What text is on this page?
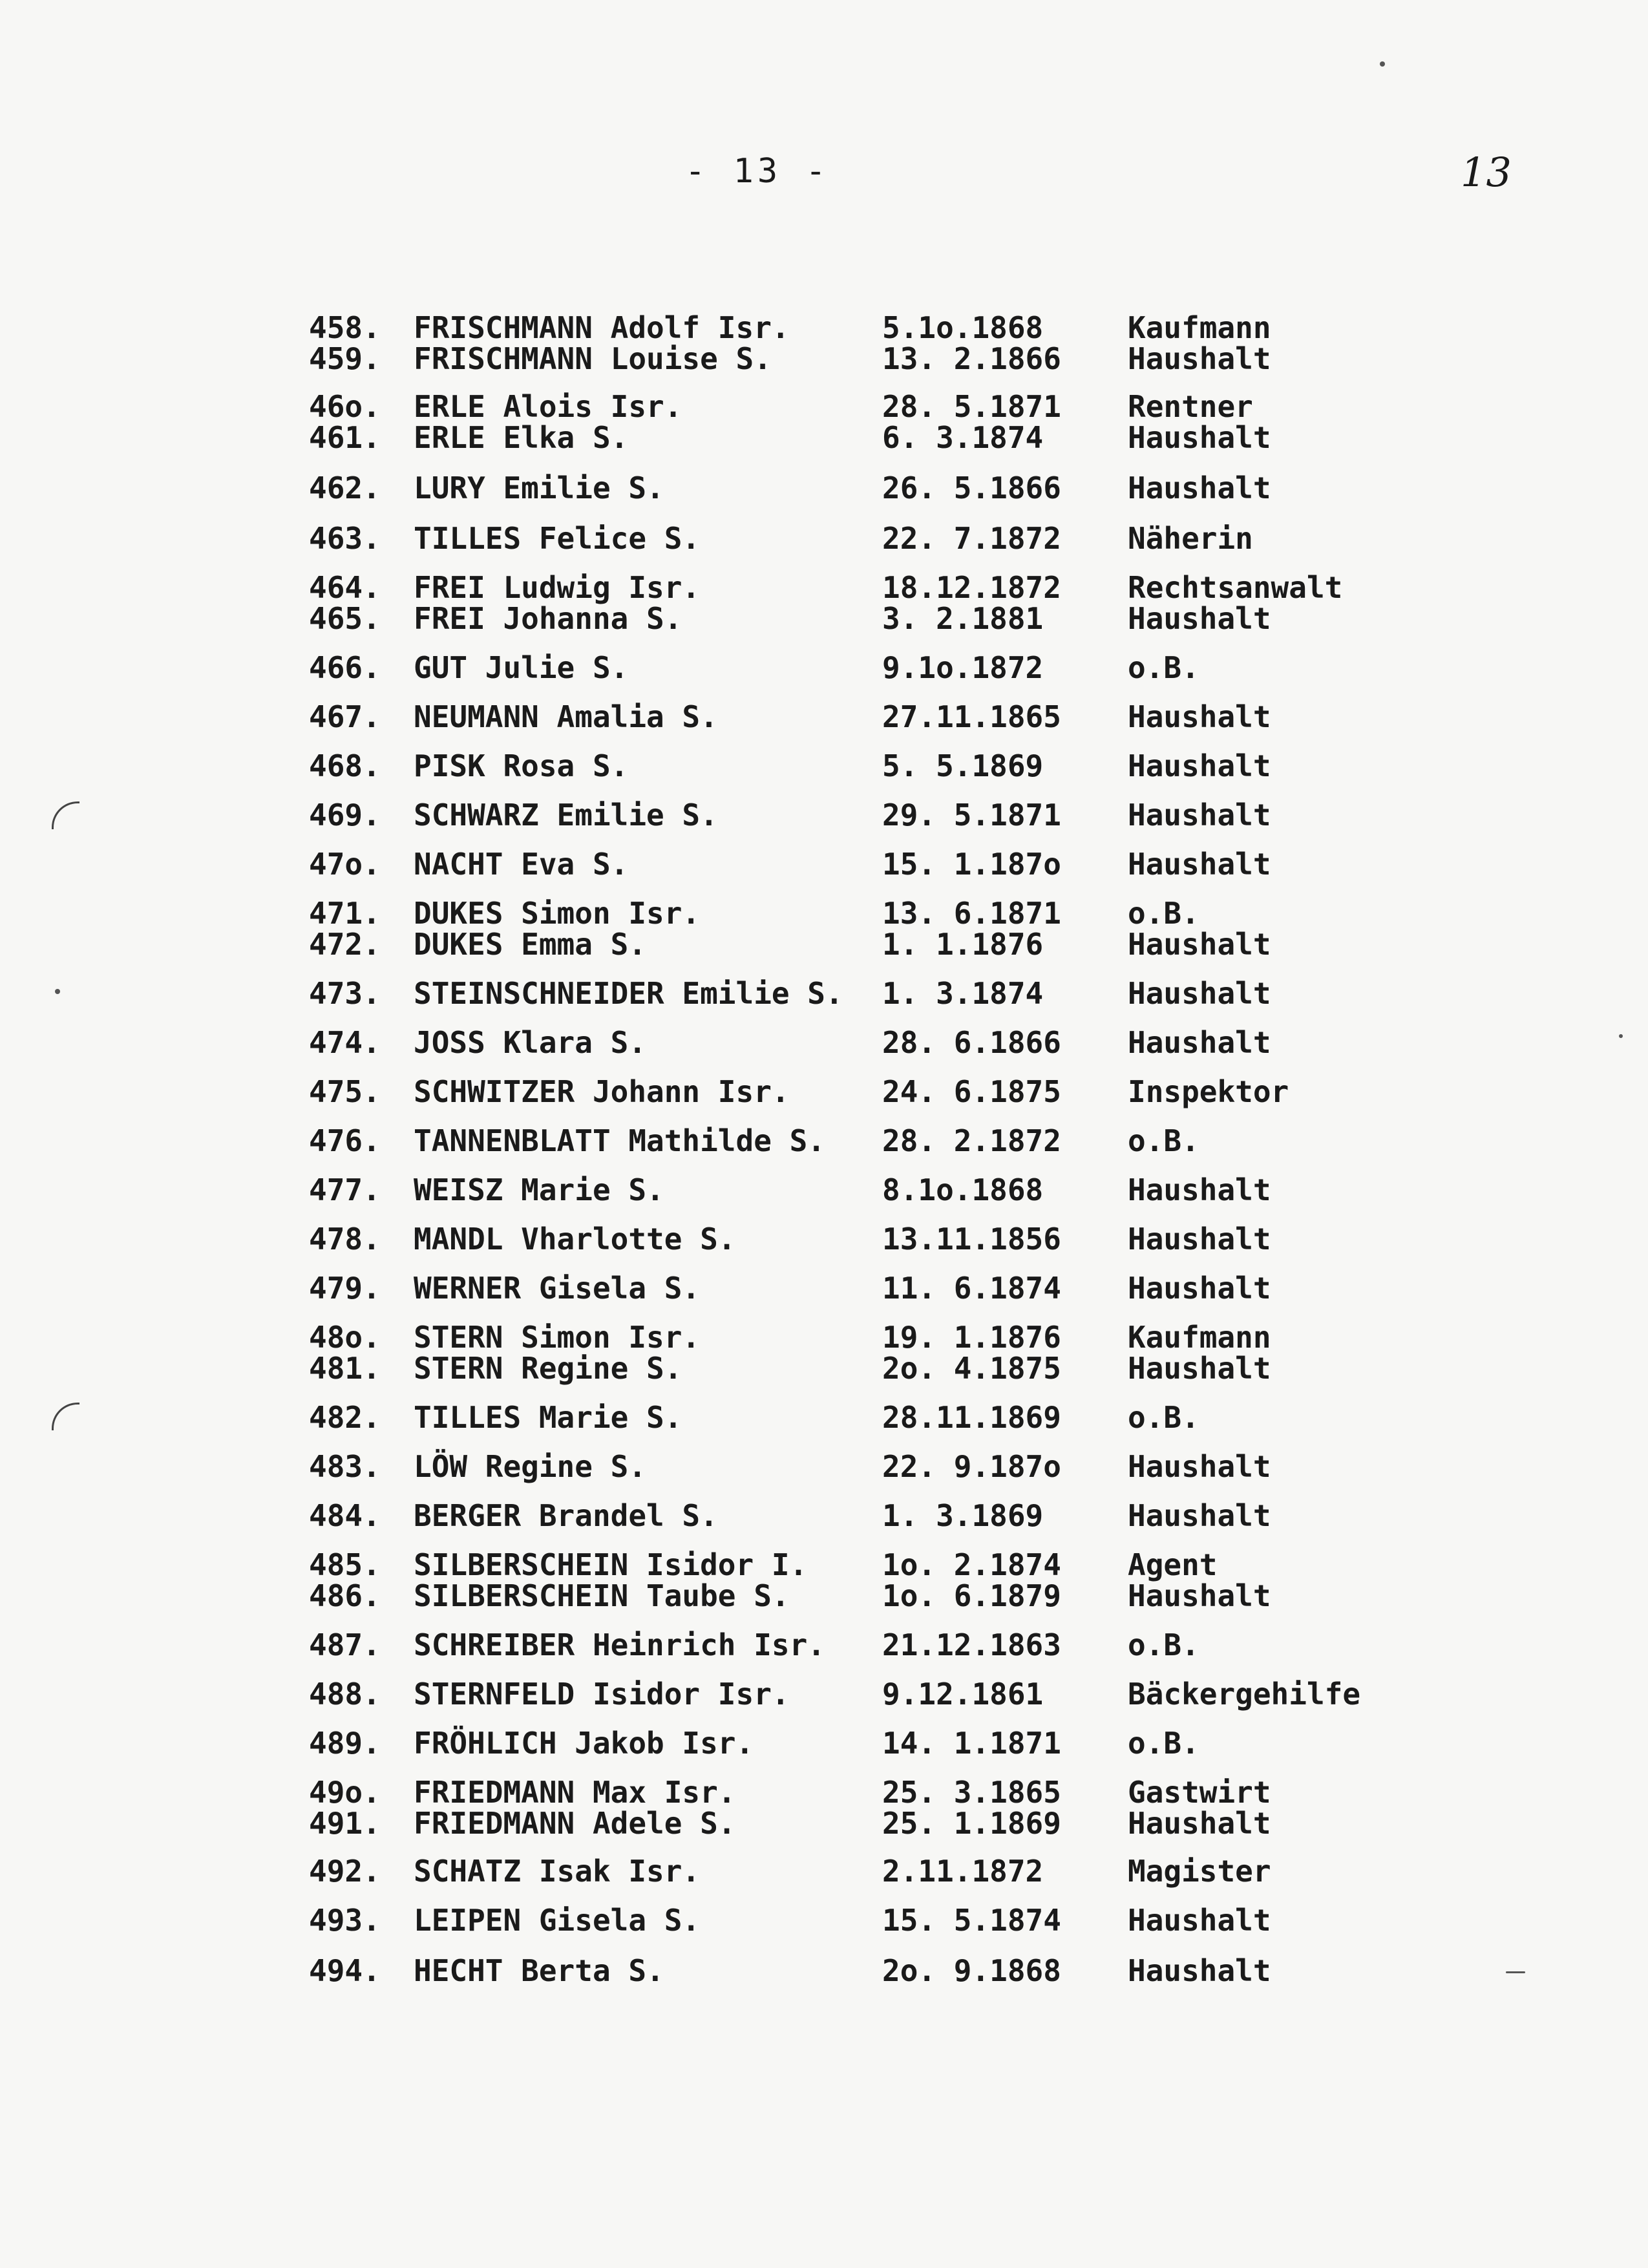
- 13 -	13
458. FRISCHMANN Adolf Isr.	5.1o.1868	Kaufmann
459. FRISCHMANN Louise S.	13. 2.1866 Haushalt
46o. ERLE Alois Isr.	28. 5.1871 Rentner
461. ERLE Elka S.	6. 3.1874	Haushalt
462. LURY Emilie S.	26. 5.1866 Haushalt
463. TILLES Felice S.	22. 7.1872 Näherin
464. FREI Ludwig Isr.	18.12.1872 Rechtsanwalt
465. FREI Johanna S.	3. 2.1881	Haushalt
466. GUT Julie S.	9.1o.1872	o.B.
467. NEUMANN Amalia S.	27.11.1865 Haushalt
468. PISK Rosa S.	5. 5.1869	Haushalt
469. SCHWARZ Emilie S.	29. 5.1871 Haushalt
47o. NACHT Eva S.	15. 1.187o Haushalt
471. DUKES Simon Isr.	13. 6.1871 o.B.
472. DUKES Emma S.	1. 1.1876	Haushalt
473. STEINSCHNEIDER Emilie S. 1. 3.1874	Haushalt
474. JOSS Klara S.	28. 6.1866 Haushalt
475. SCHWITZER Johann Isr.	24. 6.1875 Inspektor
476. TANNENBLATT Mathilde S. 28. 2.1872 o.B.
477. WEISZ Marie S.	8.1o.1868	Haushalt
478. MANDL Vharlotte S.	13.11.1856 Haushalt
479. WERNER Gisela S.	11. 6.1874 Haushalt
48o. STERN Simon Isr.	19. 1.1876 Kaufmann
481. STERN Regine S.	2o. 4.1875 Haushalt
482. TILLES Marie S.	28.11.1869 o.B.
483. LÖW Regine S.	22. 9.187o Haushalt
484. BERGER Brandel S.	1. 3.1869	Haushalt
485. SILBERSCHEIN Isidor I.	1o. 2.1874 Agent
486. SILBERSCHEIN Taube S.	1o. 6.1879 Haushalt
487. SCHREIBER Heinrich Isr. 21.12.1863 o.B.
488. STERNFELD Isidor Isr.	9.12.1861	Bäckergehilfe
489. FRÖHLICH Jakob Isr.	14. 1.1871 o.B.
49o. FRIEDMANN Max Isr.	25. 3.1865 Gastwirt
491. FRIEDMANN Adele S.	25. 1.1869 Haushalt
492. SCHATZ Isak Isr.	2.11.1872	Magister
493. LEIPEN Gisela S.	15. 5.1874 Haushalt
494. HECHT Berta S.	2o. 9.1868 Haushalt
